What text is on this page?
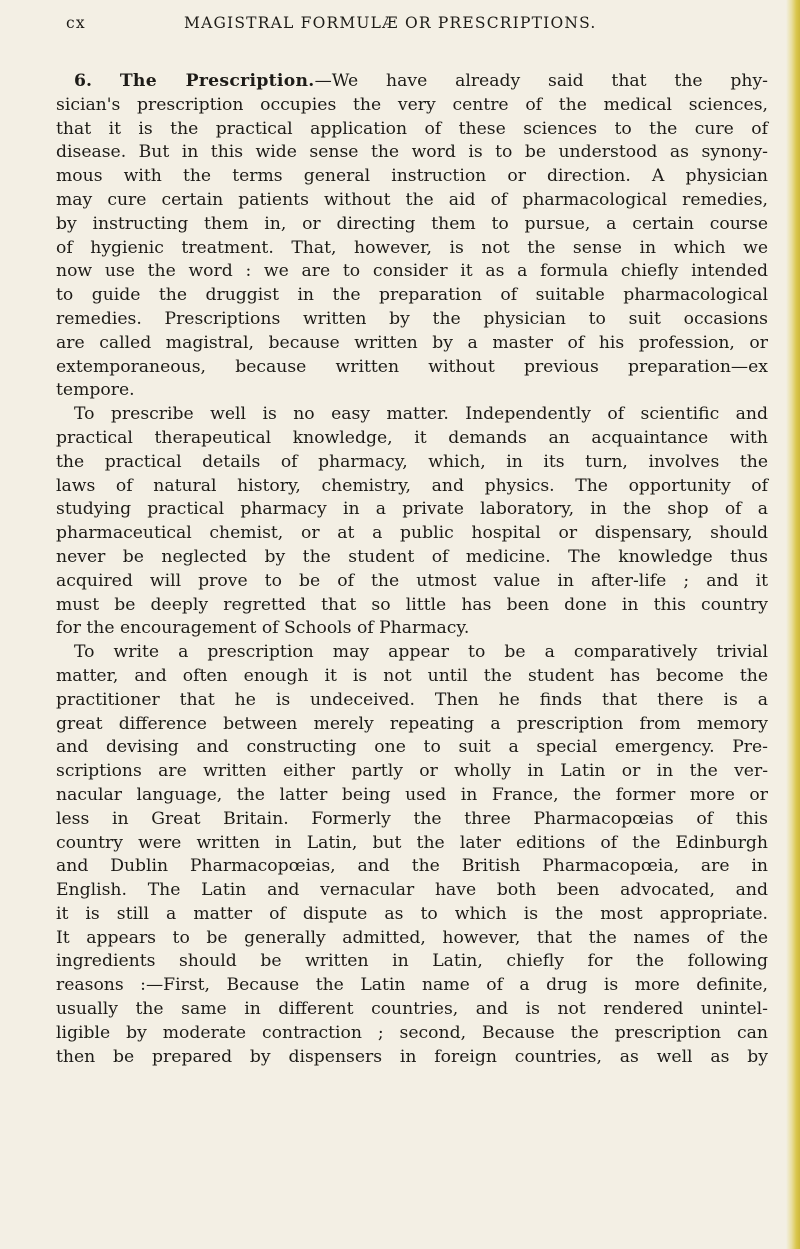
cx	MAGISTRAL FORMULÆ OR PRESCRIPTIONS.
6. The Prescription.—We have already said that the phy-
sician's prescription occupies the very centre of the medical sciences,
that it is the practical application of these sciences to the cure of
disease. But in this wide sense the word is to be understood as synony-
mous with the terms general instruction or direction. A physician
may cure certain patients without the aid of pharmacological remedies,
by instructing them in, or directing them to pursue, a certain course
of hygienic treatment. That, however, is not the sense in which we
now use the word : we are to consider it as a formula chiefly intended
to guide the druggist in the preparation of suitable pharmacological
remedies. Prescriptions written by the physician to suit occasions
are called magistral, because written by a master of his profession, or
extemporaneous, because written without previous preparation—ex
tempore.
To prescribe well is no easy matter. Independently of scientific and
practical therapeutical knowledge, it demands an acquaintance with
the practical details of pharmacy, which, in its turn, involves the
laws of natural history, chemistry, and physics. The opportunity of
studying practical pharmacy in a private laboratory, in the shop of a
pharmaceutical chemist, or at a public hospital or dispensary, should
never be neglected by the student of medicine. The knowledge thus
acquired will prove to be of the utmost value in after-life ; and it
must be deeply regretted that so little has been done in this country
for the encouragement of Schools of Pharmacy.
To write a prescription may appear to be a comparatively trivial
matter, and often enough it is not until the student has become the
practitioner that he is undeceived. Then he finds that there is a
great difference between merely repeating a prescription from memory
and devising and constructing one to suit a special emergency. Pre-
scriptions are written either partly or wholly in Latin or in the ver-
nacular language, the latter being used in France, the former more or
less in Great Britain. Formerly the three Pharmacopœias of this
country were written in Latin, but the later editions of the Edinburgh
and Dublin Pharmacopœias, and the British Pharmacopœia, are in
English. The Latin and vernacular have both been advocated, and
it is still a matter of dispute as to which is the most appropriate.
It appears to be generally admitted, however, that the names of the
ingredients should be written in Latin, chiefly for the following
reasons :—First, Because the Latin name of a drug is more definite,
usually the same in different countries, and is not rendered unintel-
ligible by moderate contraction ; second, Because the prescription can
then be prepared by dispensers in foreign countries, as well as by
